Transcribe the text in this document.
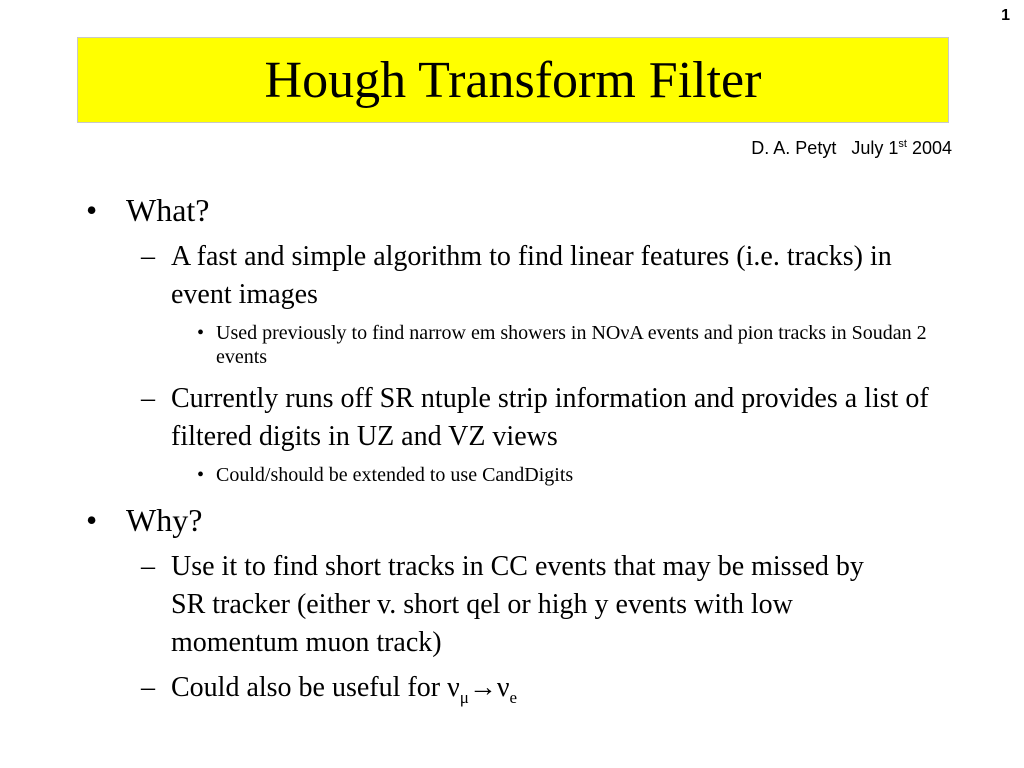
1
Hough Transform Filter
D. A. Petyt July 1st 2004
• What?
– A fast and simple algorithm to find linear features (i.e. tracks) in event images
• Used previously to find narrow em showers in NOνA events and pion tracks in Soudan 2 events
– Currently runs off SR ntuple strip information and provides a list of filtered digits in UZ and VZ views
• Could/should be extended to use CandDigits
• Why?
– Use it to find short tracks in CC events that may be missed by SR tracker (either v. short qel or high y events with low momentum muon track)
– Could also be useful for $\nu_\mu\to\nu_e$
